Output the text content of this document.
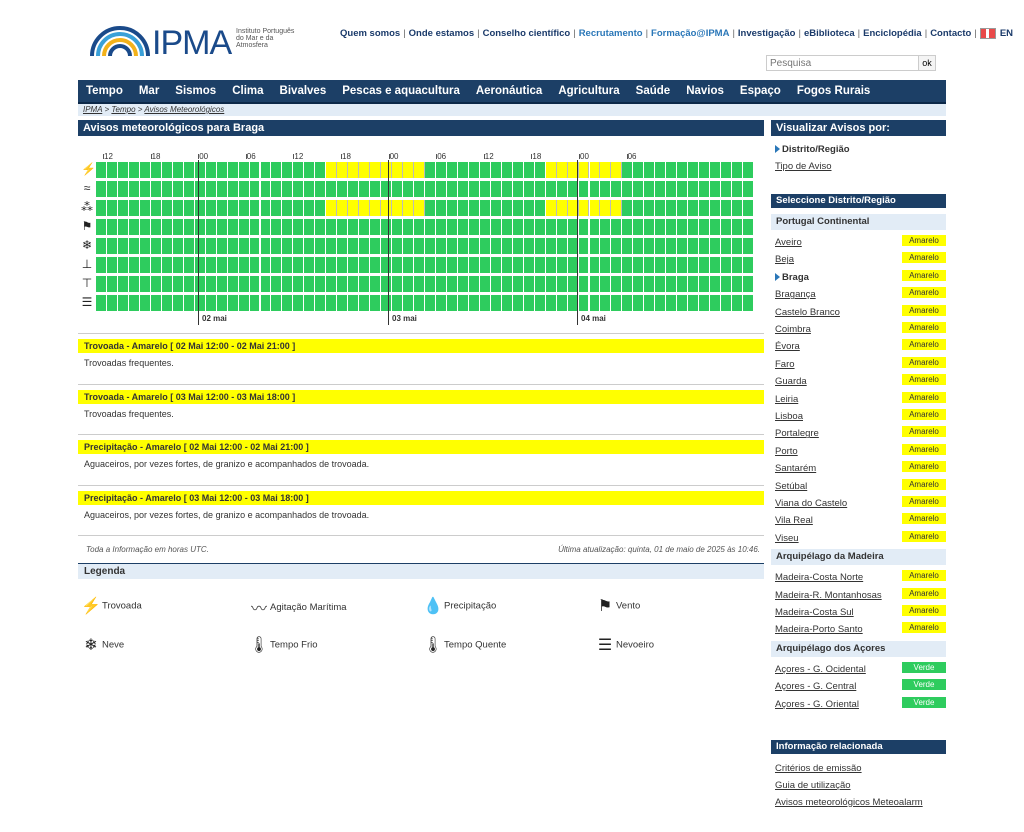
IPMA Instituto Português do Mar e da Atmosfera
Quem somos | Onde estamos | Conselho científico | Recrutamento | Formação@IPMA | Investigação | eBiblioteca | Enciclopédia | Contacto | EN
Pesquisa
ok
Tempo Mar Sismos Clima Bivalves Pescas e aquacultura Aeronáutica Agricultura Saúde Navios Espaço Fogos Rurais
IPMA > Tempo > Avisos Meteorológicos
Avisos meteorológicos para Braga
12	18	00	06	12	18	00	06	12	18	00	06
⚡
≈
⁂
⚑
❄
⊥
⊤
☰
02 mai	03 mai	04 mai
Trovoada - Amarelo [ 02 Mai 12:00 - 02 Mai 21:00 ]
Trovoadas frequentes.
Trovoada - Amarelo [ 03 Mai 12:00 - 03 Mai 18:00 ]
Trovoadas frequentes.
Precipitação - Amarelo [ 02 Mai 12:00 - 02 Mai 21:00 ]
Aguaceiros, por vezes fortes, de granizo e acompanhados de trovoada.
Precipitação - Amarelo [ 03 Mai 12:00 - 03 Mai 18:00 ]
Aguaceiros, por vezes fortes, de granizo e acompanhados de trovoada.
Toda a Informação em horas UTC.	Última atualização: quinta, 01 de maio de 2025 às 10:46.
Legenda
⚡Trovoada	〰 Agitação Marítima	💧Precipitação	⚑ Vento
❄ Neve	🌡Tempo Frio	🌡Tempo Quente	☰ Nevoeiro
Visualizar Avisos por:
Distrito/Região
Tipo de Aviso
Seleccione Distrito/Região
Portugal Continental
Aveiro	Amarelo
Beja	Amarelo
Braga	Amarelo
Bragança	Amarelo
Castelo Branco	Amarelo
Coimbra	Amarelo
Évora	Amarelo
Faro	Amarelo
Guarda	Amarelo
Leiria	Amarelo
Lisboa	Amarelo
Portalegre	Amarelo
Porto	Amarelo
Santarém	Amarelo
Setúbal	Amarelo
Viana do Castelo	Amarelo
Vila Real	Amarelo
Viseu	Amarelo
Arquipélago da Madeira
Madeira-Costa Norte	Amarelo
Madeira-R. Montanhosas	Amarelo
Madeira-Costa Sul	Amarelo
Madeira-Porto Santo	Amarelo
Arquipélago dos Açores
Açores - G. Ocidental	Verde
Açores - G. Central	Verde
Açores - G. Oriental	Verde
Informação relacionada
Critérios de emissão
Guia de utilização
Avisos meteorológicos Meteoalarm
